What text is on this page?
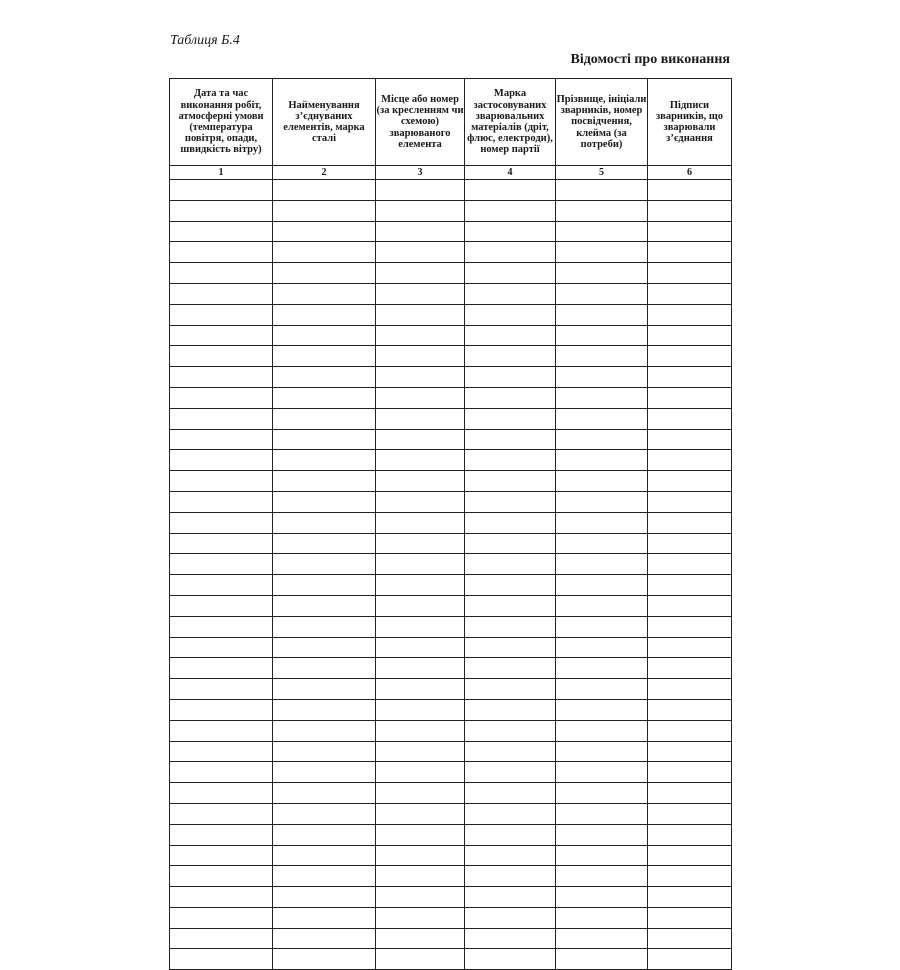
Таблиця Б.4
Відомості про виконання
Дата та час виконання робіт, атмосферні умови (температура повітря, опади, швидкість вітру)	Найменування з’єднуваних елементів, марка сталі	Місце або номер (за кресленням чи схемою) зварюваного елемента	Марка застосовуваних зварювальних матеріалів (дріт, флюс, електроди), номер партії	Прізвище, ініціали зварників, номер посвідчення, клейма (за потреби)	Підписи зварників, що зварювали з’єднання
1	2	3	4	5	6
